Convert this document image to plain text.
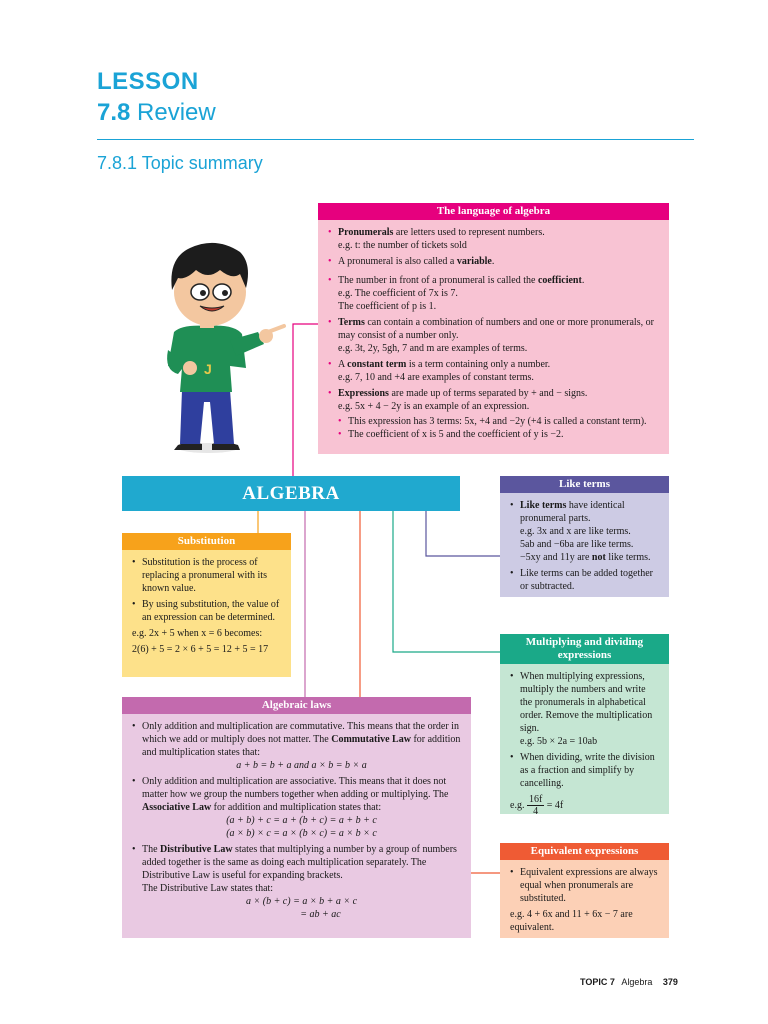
LESSON
7.8 Review
7.8.1 Topic summary
J
The language of algebra
• Pronumerals are letters used to represent numbers.
e.g. t: the number of tickets sold
• A pronumeral is also called a variable.
• The number in front of a pronumeral is called the coefficient.
e.g. The coefficient of 7x is 7.
The coefficient of p is 1.
• Terms can contain a combination of numbers and one or more pronumerals, or may consist of a number only.
e.g. 3t, 2y, 5gh, 7 and m are examples of terms.
• A constant term is a term containing only a number.
e.g. 7, 10 and +4 are examples of constant terms.
• Expressions are made up of terms separated by + and − signs.
e.g. 5x + 4 − 2y is an example of an expression.
• This expression has 3 terms: 5x, +4 and −2y (+4 is called a constant term).
• The coefficient of x is 5 and the coefficient of y is −2.
ALGEBRA
Substitution
• Substitution is the process of replacing a pronumeral with its known value.
• By using substitution, the value of an expression can be determined.
e.g. 2x + 5 when x = 6 becomes:
2(6) + 5 = 2 × 6 + 5 = 12 + 5 = 17
Algebraic laws
• Only addition and multiplication are commutative. This means that the order in which we add or multiply does not matter. The Commutative Law for addition and multiplication states that:
a + b = b + a and a × b = b × a
• Only addition and multiplication are associative. This means that it does not matter how we group the numbers together when adding or multiplying. The Associative Law for addition and multiplication states that:
(a + b) + c = a + (b + c) = a + b + c
(a × b) × c = a × (b × c) = a × b × c
• The Distributive Law states that multiplying a number by a group of numbers added together is the same as doing each multiplication separately. The Distributive Law is useful for expanding brackets.
The Distributive Law states that:
a × (b + c) = a × b + a × c
= ab + ac
Like terms
• Like terms have identical pronumeral parts.
e.g. 3x and x are like terms.
5ab and −6ba are like terms.
−5xy and 11y are not like terms.
• Like terms can be added together or subtracted.
Multiplying and dividing expressions
• When multiplying expressions, multiply the numbers and write the pronumerals in alphabetical order. Remove the multiplication sign.
e.g. 5b × 2a = 10ab
• When dividing, write the division as a fraction and simplify by cancelling.
e.g. $\frac{16f}{4} = 4f$
Equivalent expressions
• Equivalent expressions are always equal when pronumerals are substituted.
e.g. 4 + 6x and 11 + 6x − 7 are equivalent.
TOPIC 7 Algebra 379
